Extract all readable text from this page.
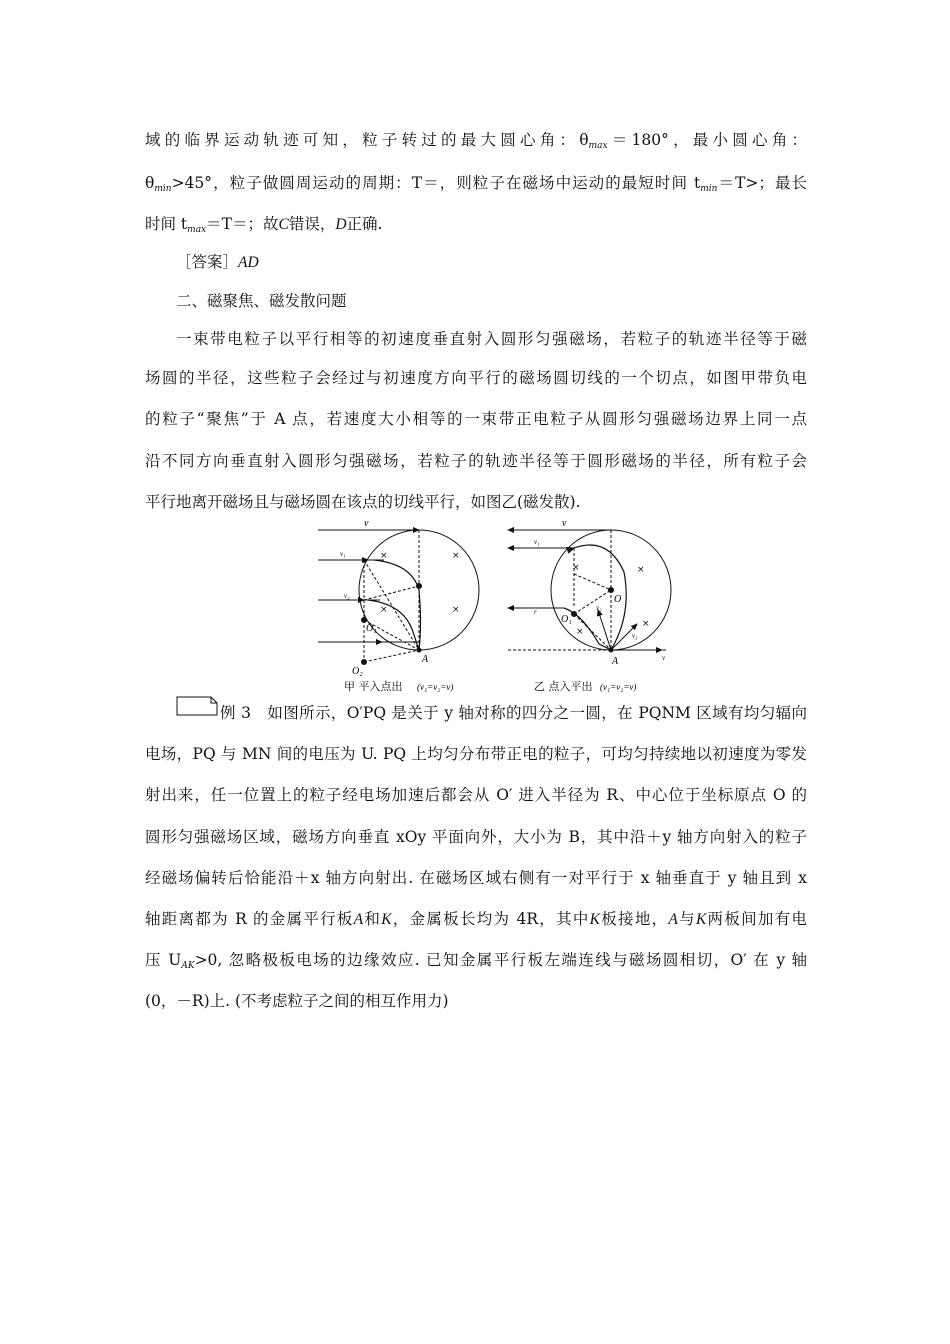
域的临界运动轨迹可知，粒子转过的最大圆心角：θmax＝180°，最小圆心角：
θmin>45°，粒子做圆周运动的周期：T＝，则粒子在磁场中运动的最短时间 tmin＝T>；最长
时间 tmax＝T＝；故C错误，D正确.
［答案］AD
二、磁聚焦、磁发散问题
一束带电粒子以平行相等的初速度垂直射入圆形匀强磁场，若粒子的轨迹半径等于磁
场圆的半径，这些粒子会经过与初速度方向平行的磁场圆切线的一个切点，如图甲带负电
的粒子“聚焦”于 A 点，若速度大小相等的一束带正电粒子从圆形匀强磁场边界上同一点
沿不同方向垂直射入圆形匀强磁场，若粒子的轨迹半径等于圆形磁场的半径，所有粒子会
平行地离开磁场且与磁场圆在该点的切线平行，如图乙(磁发散).
×	×
×	×
v
v₁
v₂
O₁
O₂
A
×	×
×
×
v
v₁
v₂
v₃
O
O₁
A
r
v
甲 平入点出 (v₁=v₂=v)	乙 点入平出 (v₁=v₂=v)
例 3　 如图所示，O′PQ 是关于 y 轴对称的四分之一圆，在 PQNM 区域有均匀辐向
电场，PQ 与 MN 间的电压为 U. PQ 上均匀分布带正电的粒子，可均匀持续地以初速度为零发
射出来，任一位置上的粒子经电场加速后都会从 O′ 进入半径为 R、中心位于坐标原点 O 的
圆形匀强磁场区域，磁场方向垂直 xOy 平面向外，大小为 B，其中沿＋y 轴方向射入的粒子
经磁场偏转后恰能沿＋x 轴方向射出. 在磁场区域右侧有一对平行于 x 轴垂直于 y 轴且到 x
轴距离都为 R 的金属平行板A和K，金属板长均为 4R，其中K板接地，A与K两板间加有电
压 UAK>0, 忽略极板电场的边缘效应. 已知金属平行板左端连线与磁场圆相切，O′ 在 y 轴
(0，－R)上. (不考虑粒子之间的相互作用力)
